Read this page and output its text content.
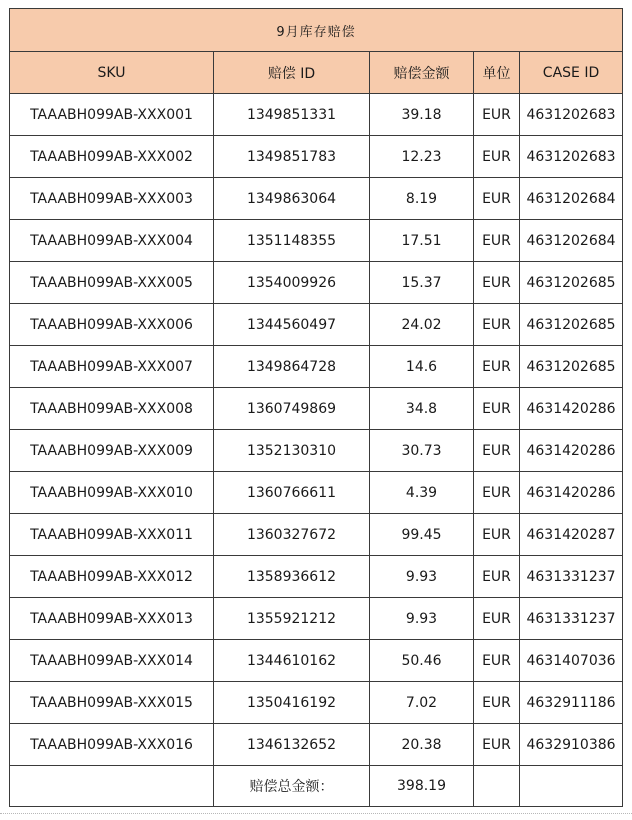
9月库存赔偿				
SKU	赔偿 ID	赔偿金额	单位	CASE ID
TAAABH099AB-XXX001	1349851331	39.18	EUR	4631202683
TAAABH099AB-XXX002	1349851783	12.23	EUR	4631202683
TAAABH099AB-XXX003	1349863064	8.19	EUR	4631202684
TAAABH099AB-XXX004	1351148355	17.51	EUR	4631202684
TAAABH099AB-XXX005	1354009926	15.37	EUR	4631202685
TAAABH099AB-XXX006	1344560497	24.02	EUR	4631202685
TAAABH099AB-XXX007	1349864728	14.6	EUR	4631202685
TAAABH099AB-XXX008	1360749869	34.8	EUR	4631420286
TAAABH099AB-XXX009	1352130310	30.73	EUR	4631420286
TAAABH099AB-XXX010	1360766611	4.39	EUR	4631420286
TAAABH099AB-XXX011	1360327672	99.45	EUR	4631420287
TAAABH099AB-XXX012	1358936612	9.93	EUR	4631331237
TAAABH099AB-XXX013	1355921212	9.93	EUR	4631331237
TAAABH099AB-XXX014	1344610162	50.46	EUR	4631407036
TAAABH099AB-XXX015	1350416192	7.02	EUR	4632911186
TAAABH099AB-XXX016	1346132652	20.38	EUR	4632910386
	赔偿总金额：	398.19		
